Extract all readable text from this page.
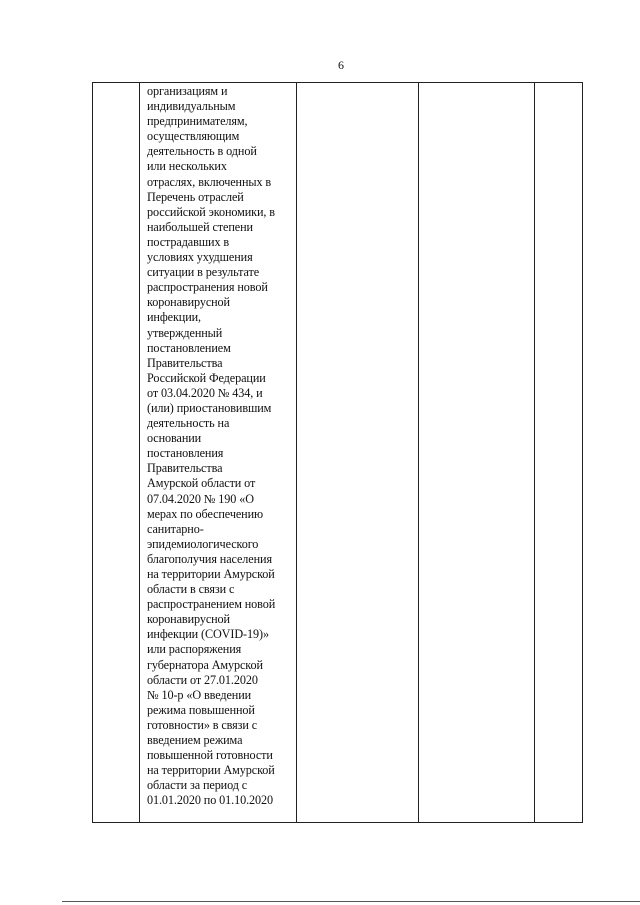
6
организациям и
индивидуальным
предпринимателям,
осуществляющим
деятельность в одной
или нескольких
отраслях, включенных в
Перечень отраслей
российской экономики, в
наибольшей степени
пострадавших в
условиях ухудшения
ситуации в результате
распространения новой
коронавирусной
инфекции,
утвержденный
постановлением
Правительства
Российской Федерации
от 03.04.2020 № 434, и
(или) приостановившим
деятельность на
основании
постановления
Правительства
Амурской области от
07.04.2020 № 190 «О
мерах по обеспечению
санитарно-
эпидемиологического
благополучия населения
на территории Амурской
области в связи с
распространением новой
коронавирусной
инфекции (COVID-19)»
или распоряжения
губернатора Амурской
области от 27.01.2020
№ 10-р «О введении
режима повышенной
готовности» в связи с
введением режима
повышенной готовности
на территории Амурской
области за период с
01.01.2020 по 01.10.2020
